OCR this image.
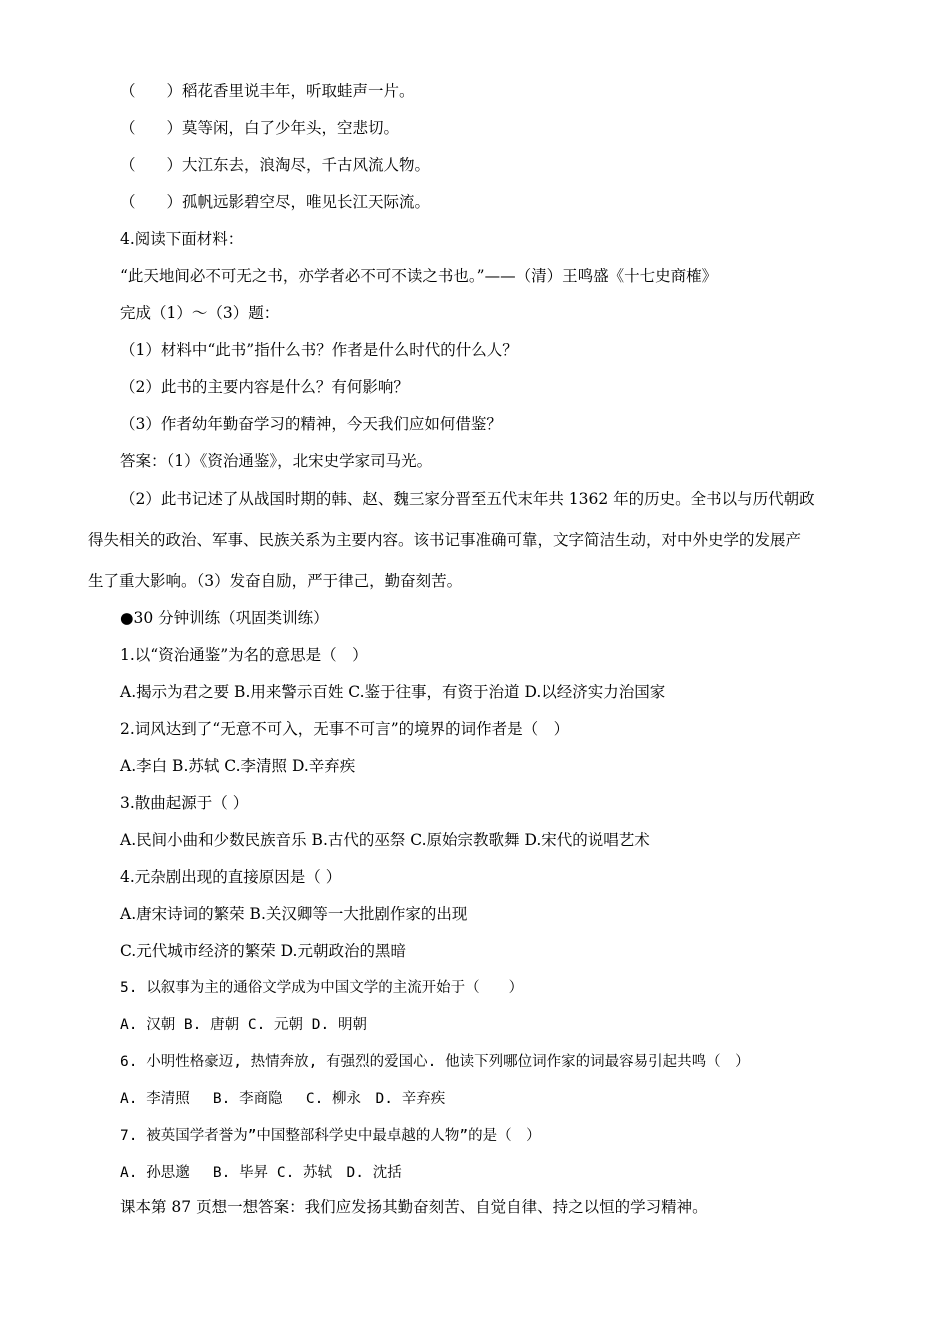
（　　）稻花香里说丰年，听取蛙声一片。
（　　）莫等闲，白了少年头，空悲切。
（　　）大江东去，浪淘尽，千古风流人物。
（　　）孤帆远影碧空尽，唯见长江天际流。
4.阅读下面材料：
“此天地间必不可无之书，亦学者必不可不读之书也。”——（清）王鸣盛《十七史商榷》
完成（1）～（3）题：
（1）材料中“此书”指什么书？作者是什么时代的什么人？
（2）此书的主要内容是什么？有何影响？
（3）作者幼年勤奋学习的精神，今天我们应如何借鉴？
答案：（1）《资治通鉴》，北宋史学家司马光。
（2）此书记述了从战国时期的韩、赵、魏三家分晋至五代末年共 1362 年的历史。全书以与历代朝政
得失相关的政治、军事、民族关系为主要内容。该书记事准确可靠，文字简洁生动，对中外史学的发展产
生了重大影响。（3）发奋自励，严于律己，勤奋刻苦。
●30 分钟训练（巩固类训练）
1.以“资治通鉴”为名的意思是（　）
A.揭示为君之要 B.用来警示百姓 C.鉴于往事，有资于治道 D.以经济实力治国家
2.词风达到了“无意不可入，无事不可言”的境界的词作者是（　）
A.李白 B.苏轼 C.李清照 D.辛弃疾
3.散曲起源于（ ）
A.民间小曲和少数民族音乐 B.古代的巫祭 C.原始宗教歌舞 D.宋代的说唱艺术
4.元杂剧出现的直接原因是（ ）
A.唐宋诗词的繁荣 B.关汉卿等一大批剧作家的出现
C.元代城市经济的繁荣 D.元朝政治的黑暗
5. 以叙事为主的通俗文学成为中国文学的主流开始于（　　）
A. 汉朝 B. 唐朝 C. 元朝 D. 明朝
6. 小明性格豪迈, 热情奔放, 有强烈的爱国心. 他读下列哪位词作家的词最容易引起共鸣（　）
A. 李清照　 B. 李商隐　 C. 柳永　D. 辛弃疾
7. 被英国学者誉为”中国整部科学史中最卓越的人物”的是（　）
A. 孙思邈　 B. 毕昇 C. 苏轼　D. 沈括
课本第 87 页想一想答案：我们应发扬其勤奋刻苦、自觉自律、持之以恒的学习精神。
